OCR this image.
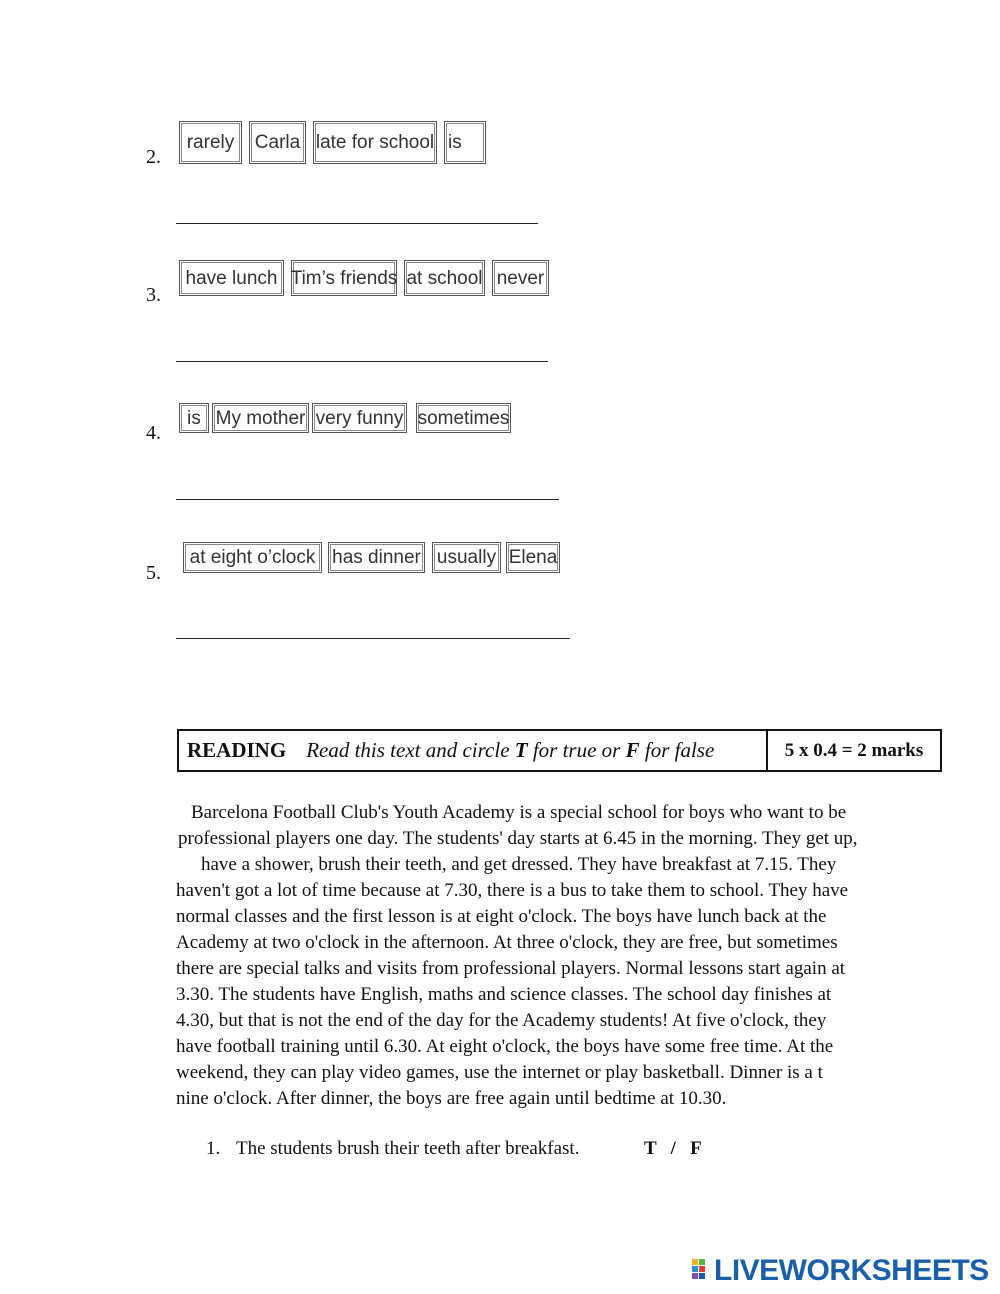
2.
rarely	Carla late for school is
3.
have lunch Tim’s friends at school never
4.
is My mother very funny sometimes
5.
at eight o’clock has dinner usually Elena
READING Read this text and circle T for true or F for false	5 x 0.4 = 2 marks
Barcelona Football Club's Youth Academy is a special school for boys who want to be
professional players one day. The students' day starts at 6.45 in the morning. They get up,
have a shower, brush their teeth, and get dressed. They have breakfast at 7.15. They
haven't got a lot of time because at 7.30, there is a bus to take them to school. They have
normal classes and the first lesson is at eight o'clock. The boys have lunch back at the
Academy at two o'clock in the afternoon. At three o'clock, they are free, but sometimes
there are special talks and visits from professional players. Normal lessons start again at
3.30. The students have English, maths and science classes. The school day finishes at
4.30, but that is not the end of the day for the Academy students! At five o'clock, they
have football training until 6.30. At eight o'clock, the boys have some free time. At the
weekend, they can play video games, use the internet or play basketball. Dinner is a t
nine o'clock. After dinner, the boys are free again until bedtime at 10.30.
1. The students brush their teeth after breakfast.	T   /   F
LIVEWORKSHEETS
